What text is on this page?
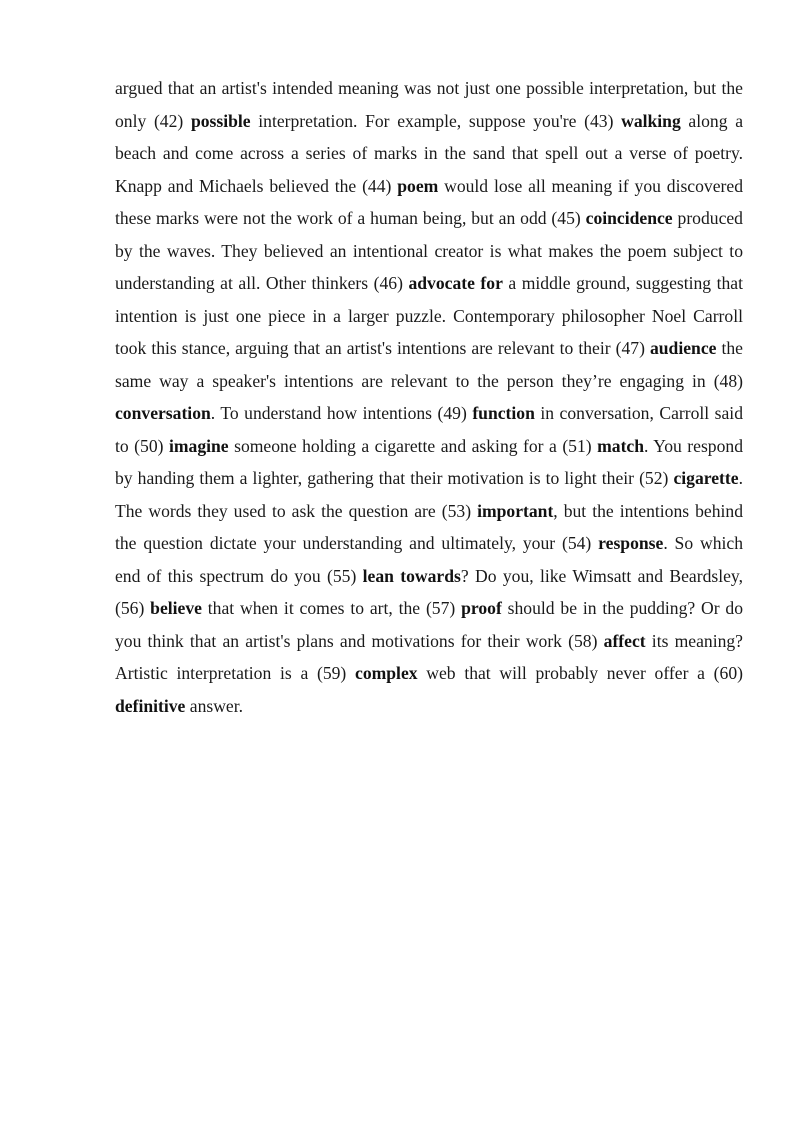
argued that an artist's intended meaning was not just one possible interpretation, but the only (42) possible interpretation. For example, suppose you're (43) walking along a beach and come across a series of marks in the sand that spell out a verse of poetry. Knapp and Michaels believed the (44) poem would lose all meaning if you discovered these marks were not the work of a human being, but an odd (45) coincidence produced by the waves. They believed an intentional creator is what makes the poem subject to understanding at all. Other thinkers (46) advocate for a middle ground, suggesting that intention is just one piece in a larger puzzle. Contemporary philosopher Noel Carroll took this stance, arguing that an artist's intentions are relevant to their (47) audience the same way a speaker's intentions are relevant to the person they’re engaging in (48) conversation. To understand how intentions (49) function in conversation, Carroll said to (50) imagine someone holding a cigarette and asking for a (51) match. You respond by handing them a lighter, gathering that their motivation is to light their (52) cigarette. The words they used to ask the question are (53) important, but the intentions behind the question dictate your understanding and ultimately, your (54) response. So which end of this spectrum do you (55) lean towards? Do you, like Wimsatt and Beardsley, (56) believe that when it comes to art, the (57) proof should be in the pudding? Or do you think that an artist's plans and motivations for their work (58) affect its meaning? Artistic interpretation is a (59) complex web that will probably never offer a (60) definitive answer.
